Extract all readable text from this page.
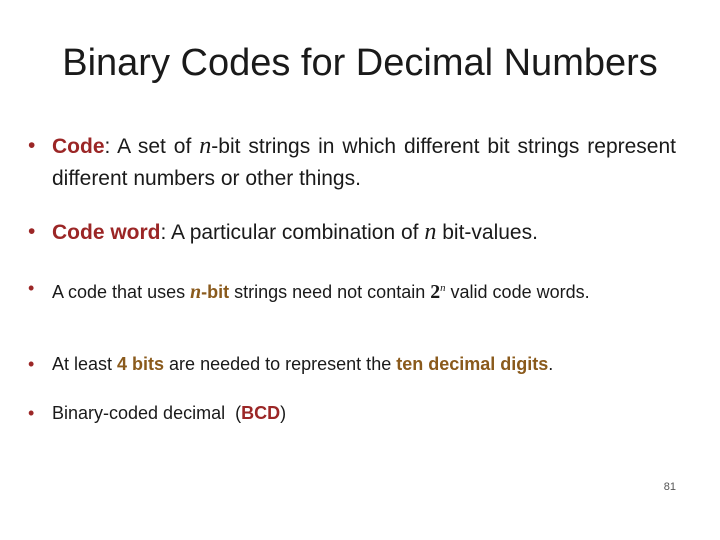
Binary Codes for Decimal Numbers
• Code: A set of n-bit strings in which different bit strings represent different numbers or other things.
• Code word: A particular combination of n bit-values.
• A code that uses n-bit strings need not contain 2$^n$ valid code words.
• At least 4 bits are needed to represent the ten decimal digits.
• Binary-coded decimal  (BCD)
81
